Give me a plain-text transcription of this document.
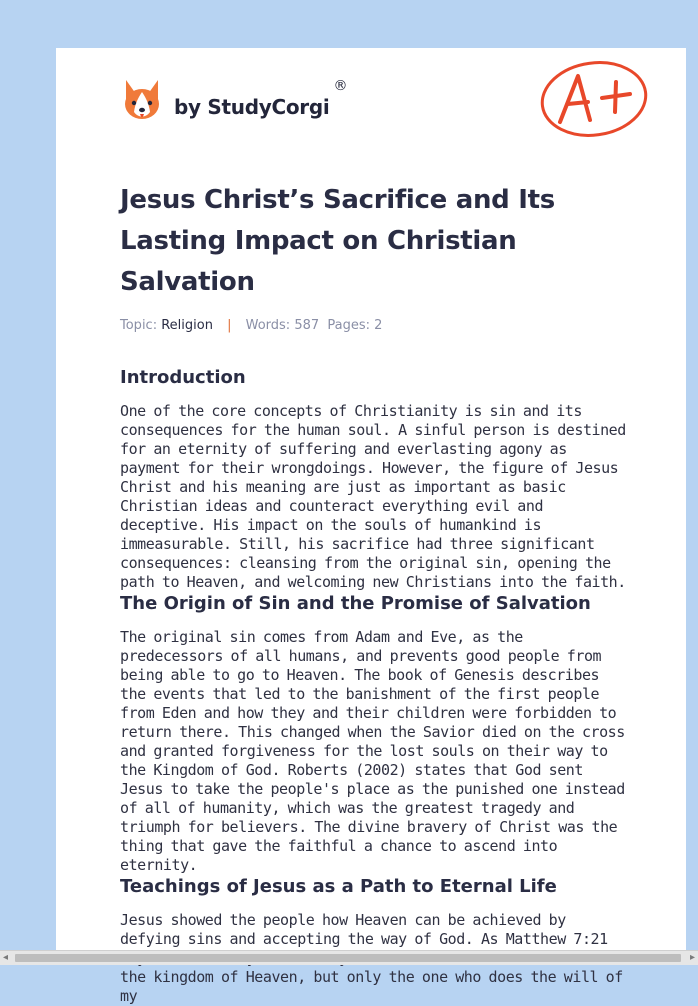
by StudyCorgi
®
Jesus Christ’s Sacrifice and Its Lasting Impact on Christian Salvation
Topic: Religion | Words: 587 Pages: 2
Introduction

One of the core concepts of Christianity is sin and its consequences for the human soul. A sinful person is destined for an eternity of suffering and everlasting agony as payment for their wrongdoings. However, the figure of Jesus Christ and his meaning are just as important as basic Christian ideas and counteract everything evil and deceptive. His impact on the souls of humankind is immeasurable. Still, his sacrifice had three significant consequences: cleansing from the original sin, opening the path to Heaven, and welcoming new Christians into the faith.

The Origin of Sin and the Promise of Salvation

The original sin comes from Adam and Eve, as the predecessors of all humans, and prevents good people from being able to go to Heaven. The book of Genesis describes the events that led to the banishment of the first people from Eden and how they and their children were forbidden to return there. This changed when the Savior died on the cross and granted forgiveness for the lost souls on their way to the Kingdom of God. Roberts (2002) states that God sent Jesus to take the people's place as the punished one instead of all of humanity, which was the greatest tragedy and triumph for believers. The divine bravery of Christ was the thing that gave the faithful a chance to ascend into eternity.

Teachings of Jesus as a Path to Eternal Life

Jesus showed the people how Heaven can be achieved by defying sins and accepting the way of God. As Matthew 7:21 the kingdom of Heaven, but only the one who does the will of my

◂	▸
